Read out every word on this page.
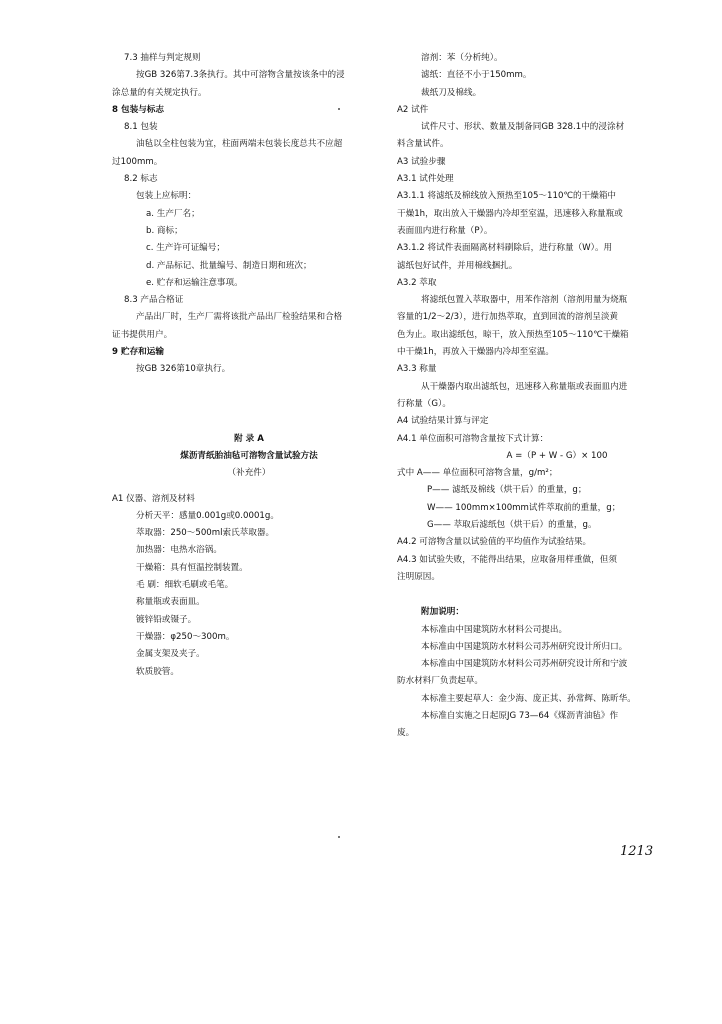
7.3 抽样与判定规则
按GB 326第7.3条执行。其中可溶物含量按该条中的浸
涂总量的有关规定执行。
8 包装与标志
8.1 包装
油毡以全柱包装为宜，柱面两端未包装长度总共不应超
过100mm。
8.2 标志
包装上应标明：
a. 生产厂名；
b. 商标；
c. 生产许可证编号；
d. 产品标记、批量编号、制造日期和班次；
e. 贮存和运输注意事项。
8.3 产品合格证
产品出厂时，生产厂需将该批产品出厂检验结果和合格
证书提供用户。
9 贮存和运输
按GB 326第10章执行。
附 录 A
煤沥青纸胎油毡可溶物含量试验方法
（补充件）
A1 仪器、溶剂及材料
分析天平：感量0.001g或0.0001g。
萃取器：250～500ml索氏萃取器。
加热器：电热水浴锅。
干燥箱：具有恒温控制装置。
毛 刷：细软毛刷或毛笔。
称量瓶或表面皿。
镀锌铅或镊子。
干燥器：φ250～300m。
金属支架及夹子。
软质胶管。
溶剂：苯（分析纯）。
滤纸：直径不小于150mm。
裁纸刀及棉线。
A2 试件
试件尺寸、形状、数量及制备同GB 328.1中的浸涂材
料含量试件。
A3 试验步骤
A3.1 试件处理
A3.1.1 将滤纸及棉线放入预热至105～110℃的干燥箱中
干燥1h，取出放入干燥器内冷却至室温，迅速移入称量瓶或
表面皿内进行称量（P）。
A3.1.2 将试件表面隔离材料刷除后，进行称量（W）。用
滤纸包好试件，并用棉线捆扎。
A3.2 萃取
将滤纸包置入萃取器中，用苯作溶剂（溶剂用量为烧瓶
容量的1/2～2/3），进行加热萃取，直到回流的溶剂呈淡黄
色为止。取出滤纸包，晾干，放入预热至105～110℃干燥箱
中干燥1h，再放入干燥器内冷却至室温。
A3.3 称量
从干燥器内取出滤纸包，迅速移入称量瓶或表面皿内进
行称量（G）。
A4 试验结果计算与评定
A4.1 单位面积可溶物含量按下式计算：
A =（P + W - G）× 100
式中 A—— 单位面积可溶物含量，g/m²；
P—— 滤纸及棉线（烘干后）的重量，g；
W—— 100mm×100mm试件萃取前的重量，g；
G—— 萃取后滤纸包（烘干后）的重量，g。
A4.2 可溶物含量以试验值的平均值作为试验结果。
A4.3 如试验失败，不能得出结果，应取备用样重做，但须
注明原因。
附加说明：
本标准由中国建筑防水材料公司提出。
本标准由中国建筑防水材料公司苏州研究设计所归口。
本标准由中国建筑防水材料公司苏州研究设计所和宁波
防水材料厂负责起草。
本标准主要起草人：金少海、庞正其、孙常辉、陈昕华。
本标准自实施之日起原JG 73—64《煤沥青油毡》作
废。
1213
